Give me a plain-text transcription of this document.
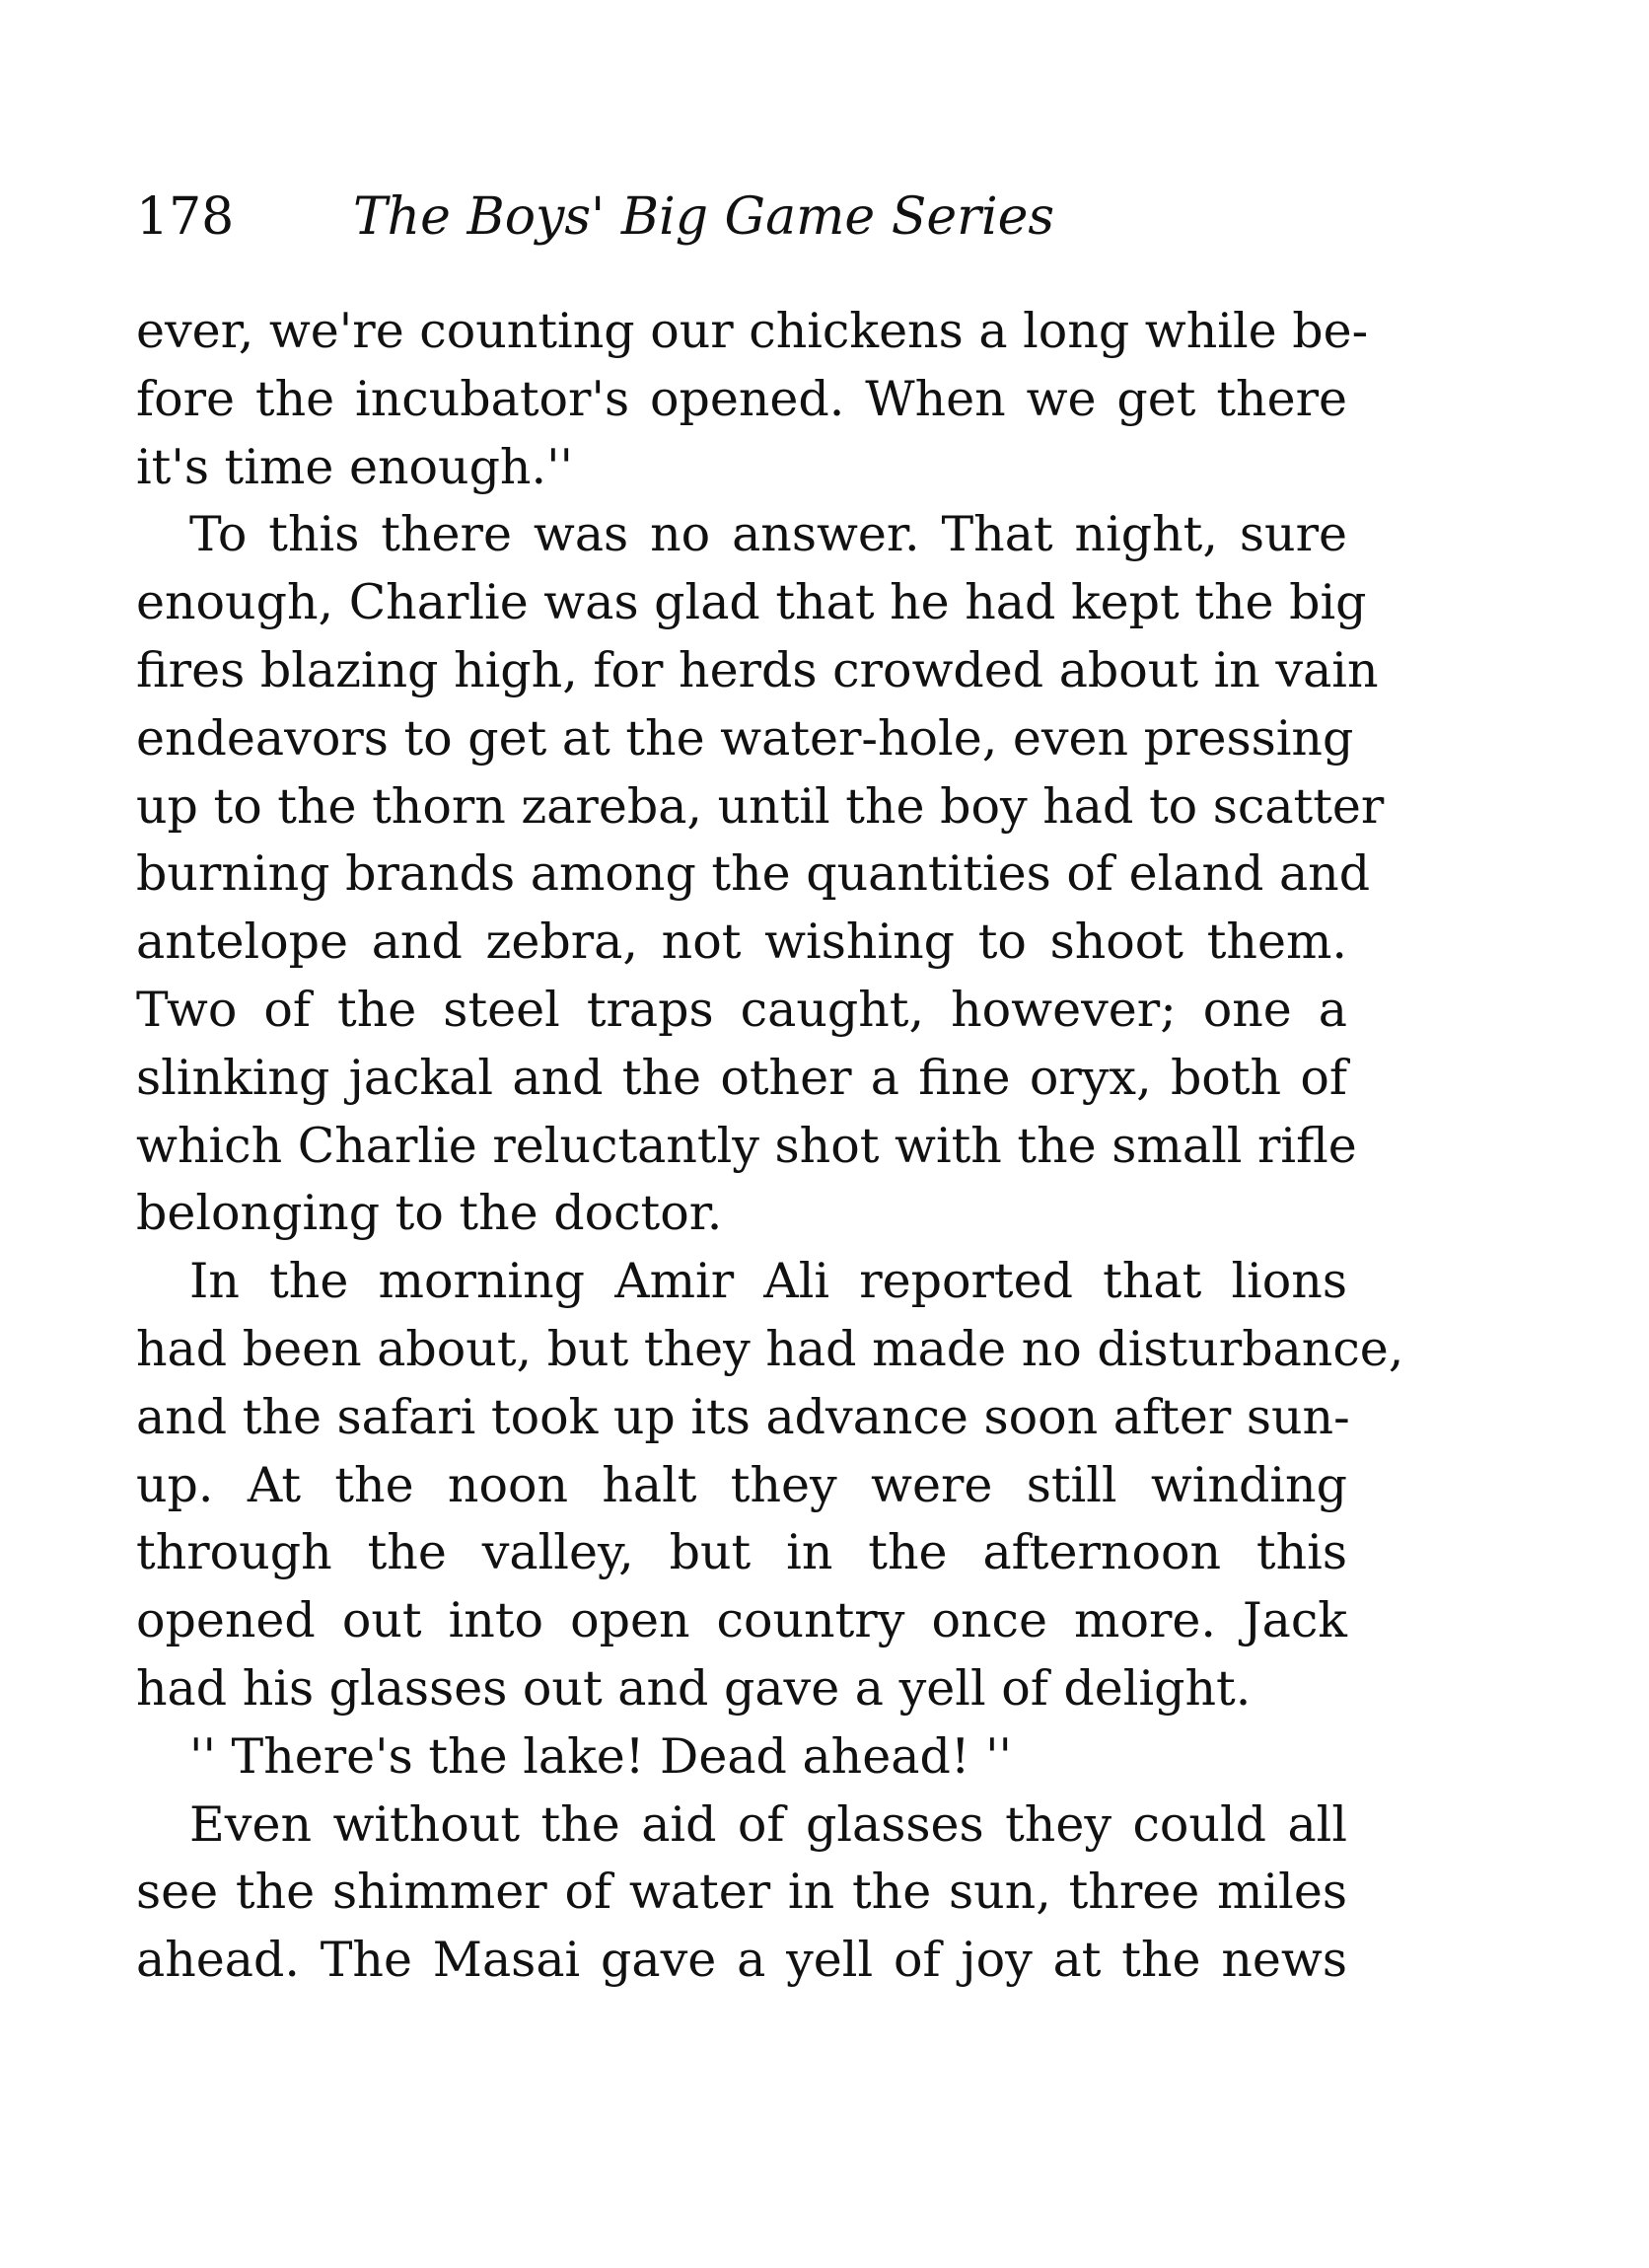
178 The Boys' Big Game Series
ever, we're counting our chickens a long while be-
fore the incubator's opened. When we get there
it's time enough.''
To this there was no answer. That night, sure
enough, Charlie was glad that he had kept the big
fires blazing high, for herds crowded about in vain
endeavors to get at the water-hole, even pressing
up to the thorn zareba, until the boy had to scatter
burning brands among the quantities of eland and
antelope and zebra, not wishing to shoot them.
Two of the steel traps caught, however; one a
slinking jackal and the other a fine oryx, both of
which Charlie reluctantly shot with the small rifle
belonging to the doctor.
In the morning Amir Ali reported that lions
had been about, but they had made no disturbance,
and the safari took up its advance soon after sun-
up. At the noon halt they were still winding
through the valley, but in the afternoon this
opened out into open country once more. Jack
had his glasses out and gave a yell of delight.
'' There's the lake! Dead ahead! ''
Even without the aid of glasses they could all
see the shimmer of water in the sun, three miles
ahead. The Masai gave a yell of joy at the news
